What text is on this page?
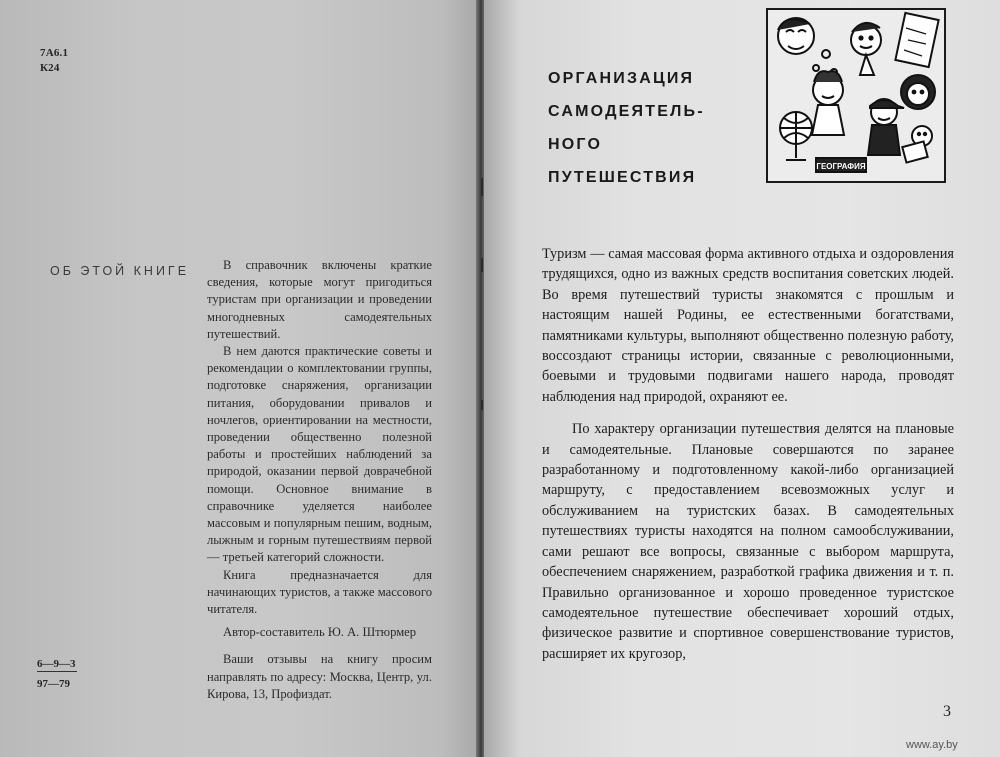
7А6.1
К24
ОБ ЭТОЙ КНИГЕ	В справочник включены краткие сведения, которые могут пригодиться туристам при организации и проведении многодневных самодеятельных путешествий.

В нем даются практические советы и рекомендации о комплектовании группы, подготовке снаряжения, организации питания, оборудовании привалов и ночлегов, ориентировании на местности, проведении общественно полезной работы и простейших наблюдений за природой, оказании первой доврачебной помощи. Основное внимание в справочнике уделяется наиболее массовым и популярным пешим, водным, лыжным и горным путешествиям первой — третьей категорий сложности.

Книга предназначается для начинающих туристов, а также массового читателя.

Автор-составитель Ю. А. Штюрмер

Ваши отзывы на книгу просим направлять по адресу: Москва, Центр, ул. Кирова, 13, Профиздат.

6—9—3
97—79
ОРГАНИЗАЦИЯ
САМОДЕЯТЕЛЬ-
НОГО
ПУТЕШЕСТВИЯ
ГЕОГРАФИЯ

Туризм — самая массовая форма активного отдыха и оздоровления трудящихся, одно из важных средств воспитания советских людей. Во время путешествий туристы знакомятся с прошлым и настоящим нашей Родины, ее естественными богатствами, памятниками культуры, выполняют общественно полезную работу, воссоздают страницы истории, связанные с революционными, боевыми и трудовыми подвигами нашего народа, проводят наблюдения над природой, охраняют ее.

По характеру организации путешествия делятся на плановые и самодеятельные. Плановые совершаются по заранее разработанному и подготовленному какой-либо организацией маршруту, с предоставлением всевозможных услуг и обслуживанием на туристских базах. В самодеятельных путешествиях туристы находятся на полном самообслуживании, сами решают все вопросы, связанные с выбором маршрута, обеспечением снаряжением, разработкой графика движения и т. п. Правильно организованное и хорошо проведенное туристское самодеятельное путешествие обеспечивает хороший отдых, физическое развитие и спортивное совершенствование туристов, расширяет их кругозор,

3
www.ay.by
